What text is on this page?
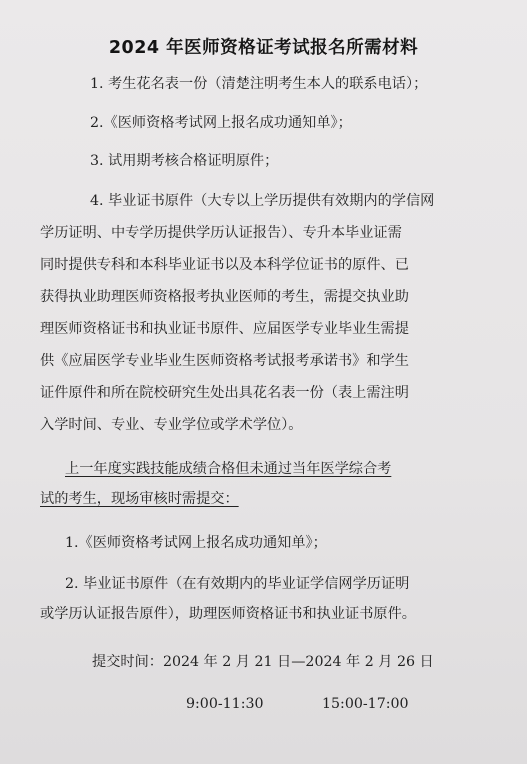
2024 年医师资格证考试报名所需材料
1. 考生花名表一份（清楚注明考生本人的联系电话）；
2.《医师资格考试网上报名成功通知单》；
3. 试用期考核合格证明原件；
4. 毕业证书原件（大专以上学历提供有效期内的学信网
学历证明、中专学历提供学历认证报告）、专升本毕业证需
同时提供专科和本科毕业证书以及本科学位证书的原件、已
获得执业助理医师资格报考执业医师的考生，需提交执业助
理医师资格证书和执业证书原件、应届医学专业毕业生需提
供《应届医学专业毕业生医师资格考试报考承诺书》和学生
证件原件和所在院校研究生处出具花名表一份（表上需注明
入学时间、专业、专业学位或学术学位）。
上一年度实践技能成绩合格但未通过当年医学综合考
试的考生，现场审核时需提交：
1.《医师资格考试网上报名成功通知单》；
2. 毕业证书原件（在有效期内的毕业证学信网学历证明
或学历认证报告原件），助理医师资格证书和执业证书原件。
提交时间：2024 年 2 月 21 日—2024 年 2 月 26 日
9:00-11:30	15:00-17:00
